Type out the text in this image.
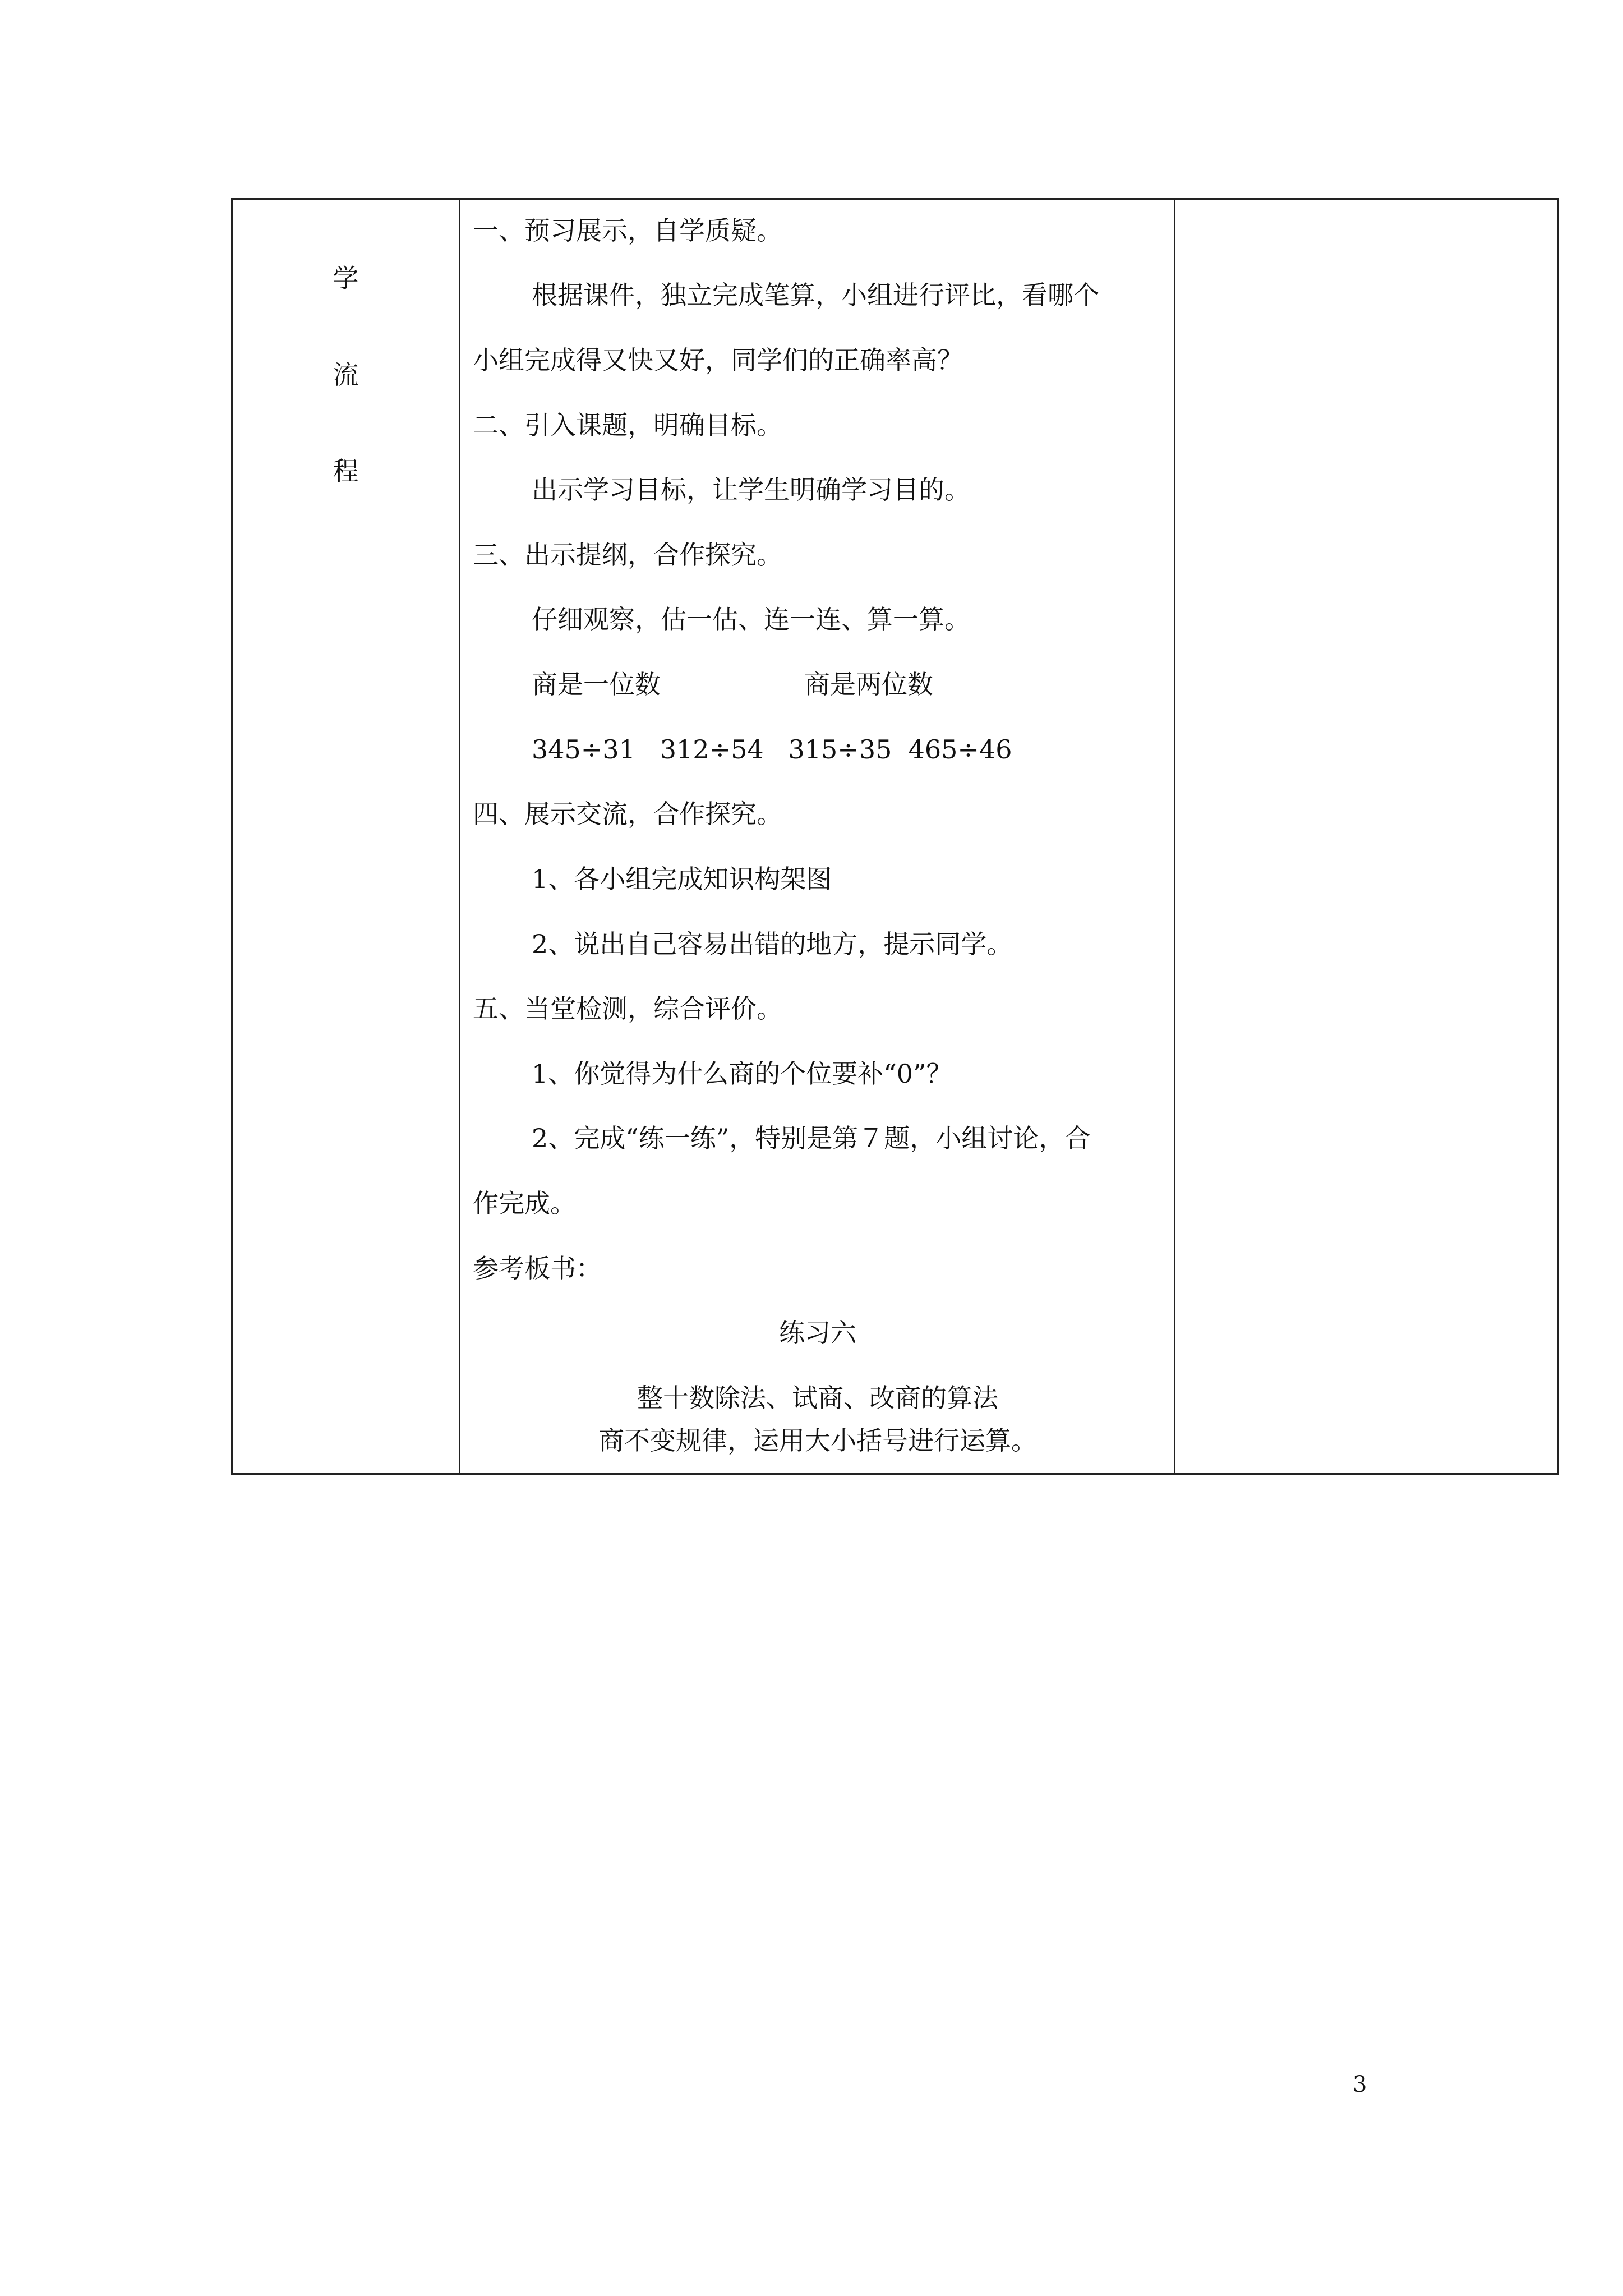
学
流
程
一、预习展示，自学质疑。
根据课件，独立完成笔算，小组进行评比，看哪个
小组完成得又快又好，同学们的正确率高？
二、引入课题，明确目标。
出示学习目标，让学生明确学习目的。
三、出示提纲，合作探究。
仔细观察，估一估、连一连、算一算。
商是一位数	商是两位数
345÷31   312÷54   315÷35  465÷46
四、展示交流，合作探究。
1、各小组完成知识构架图
2、说出自己容易出错的地方，提示同学。
五、当堂检测，综合评价。
1、你觉得为什么商的个位要补“0”？
2、完成“练一练”，特别是第７题，小组讨论，合
作完成。
参考板书：
练习六
整十数除法、试商、改商的算法
商不变规律，运用大小括号进行运算。
3
